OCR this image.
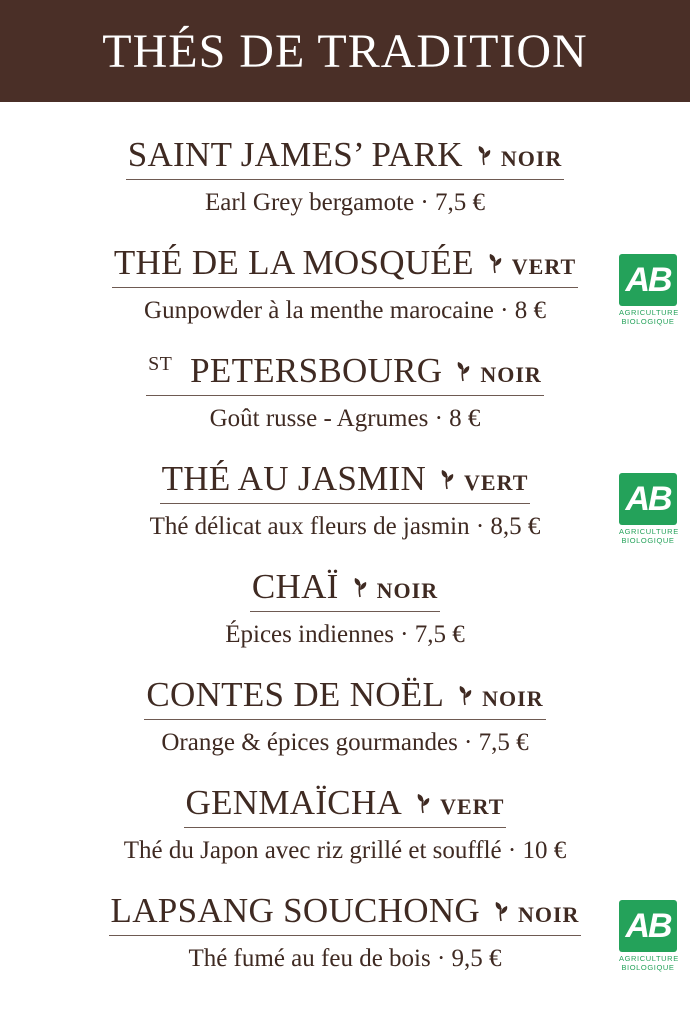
THÉS DE TRADITION
SAINT JAMES’ PARK NOIR
Earl Grey bergamote · 7,5 €
THÉ DE LA MOSQUÉE VERT
Gunpowder à la menthe marocaine · 8 €
$^{ST}$ PETERSBOURG NOIR
Goût russe - Agrumes · 8 €
THÉ AU JASMIN VERT
Thé délicat aux fleurs de jasmin · 8,5 €
CHAÏ NOIR
Épices indiennes · 7,5 €
CONTES DE NOËL NOIR
Orange & épices gourmandes · 7,5 €
GENMAÏCHA VERT
Thé du Japon avec riz grillé et soufflé · 10 €
LAPSANG SOUCHONG NOIR
Thé fumé au feu de bois · 9,5 €
AB
AGRICULTURE
BIOLOGIQUE
AB
AGRICULTURE
BIOLOGIQUE
AB
AGRICULTURE
BIOLOGIQUE
